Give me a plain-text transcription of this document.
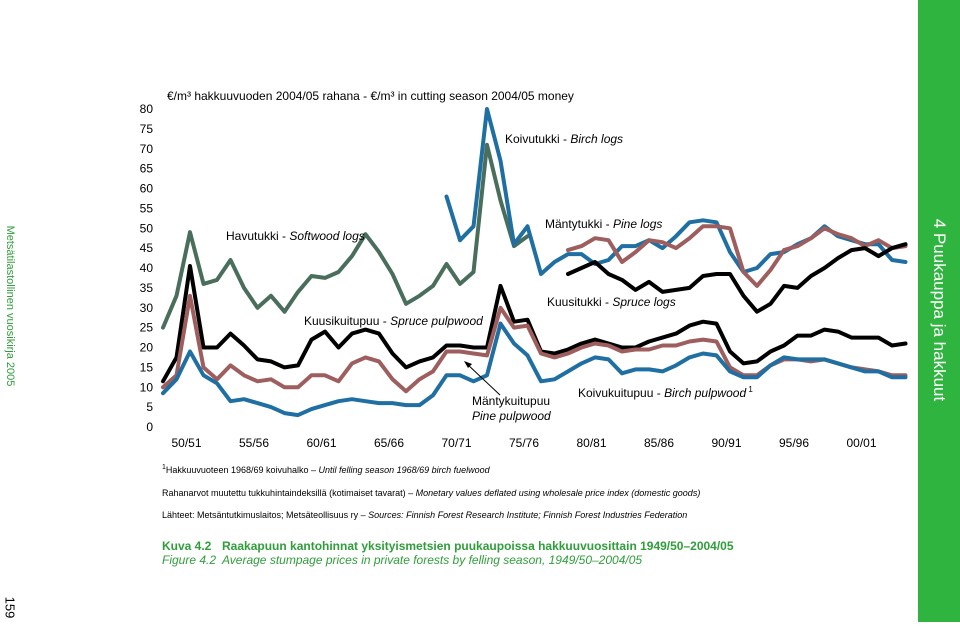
Metsätilastollinen vuosikirja 2005	4 Puukauppa ja hakkuut
159
€/m³ hakkuuvuoden 2004/05 rahana - €/m³ in cutting season 2004/05 money
0
5
10
15
20
25
30
35
40
45
50
55
60
65
70
75
80
50/51	55/56	60/61	65/66	70/71	75/76	80/81	85/86	90/91	95/96	00/01
Havutukki - Softwood logs
Koivutukki - Birch logs
Mäntytukki - Pine logs
Kuusitukki - Spruce logs
Kuusikuitupuu - Spruce pulpwood
Koivukuitupuu - Birch pulpwood $^1$
Mäntykuitupuu
Pine pulpwood
$^1$Hakkuuvuoteen 1968/69 koivuhalko – Until felling season 1968/69 birch fuelwood
Rahanarvot muutettu tukkuhintaindeksillä (kotimaiset tavarat) – Monetary values deflated using wholesale price index (domestic goods)
Lähteet: Metsäntutkimuslaitos; Metsäteollisuus ry – Sources: Finnish Forest Research Institute; Finnish Forest Industries Federation
Kuva 4.2 Raakapuun kantohinnat yksityismetsien puukaupoissa hakkuuvuosittain 1949/50–2004/05
Figure 4.2 Average stumpage prices in private forests by felling season, 1949/50–2004/05
